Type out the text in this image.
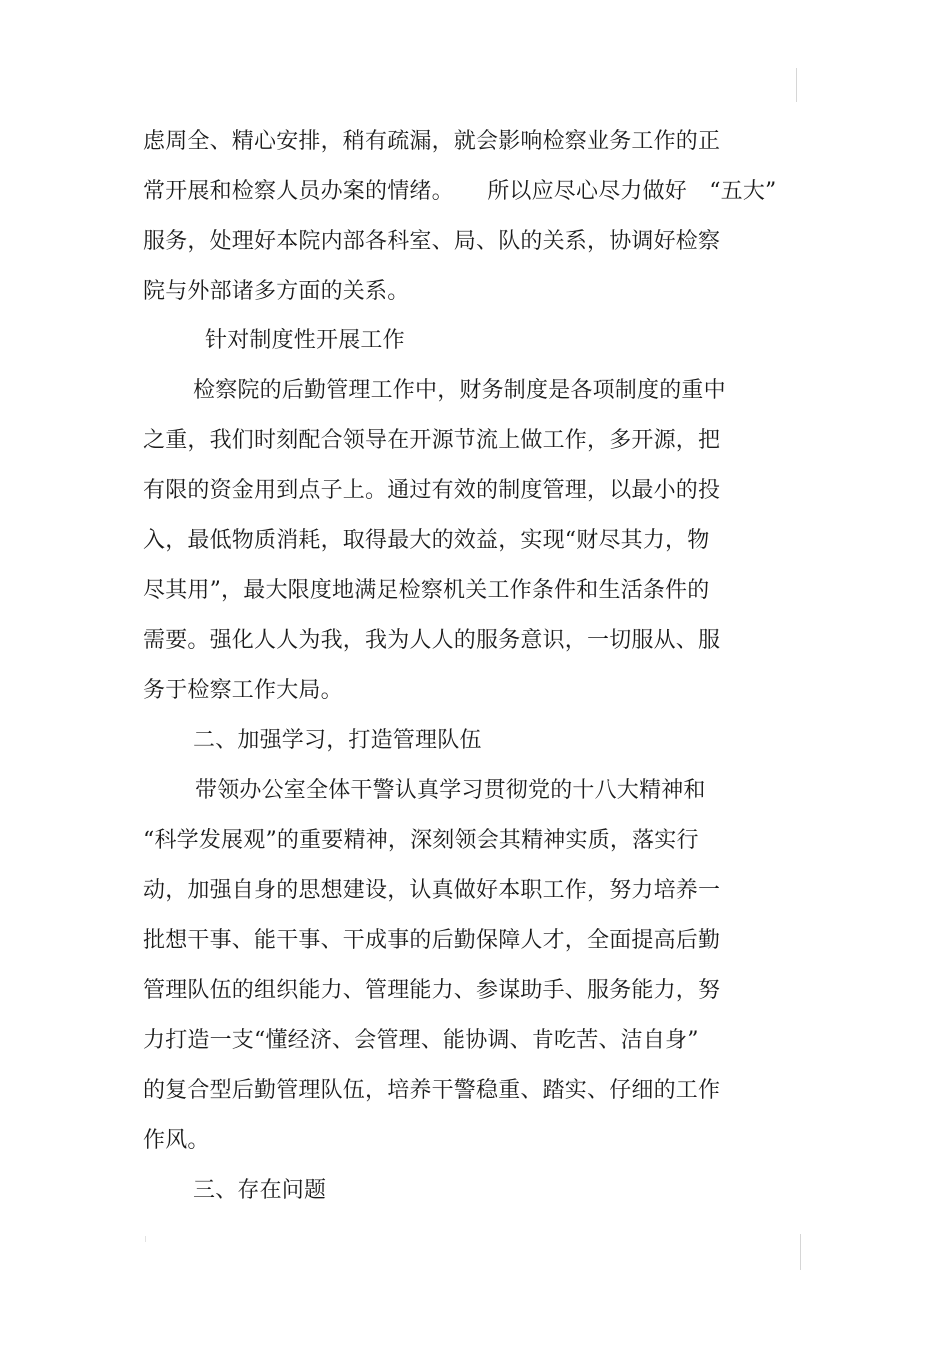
虑周全、精心安排，稍有疏漏，就会影响检察业务工作的正

常开展和检察人员办案的情绪。　　所以应尽心尽力做好　“五大”

服务，处理好本院内部各科室、局、队的关系，协调好检察

院与外部诸多方面的关系。

针对制度性开展工作

检察院的后勤管理工作中，财务制度是各项制度的重中

之重，我们时刻配合领导在开源节流上做工作，多开源，把

有限的资金用到点子上。通过有效的制度管理，以最小的投

入，最低物质消耗，取得最大的效益，实现“财尽其力，物

尽其用”，最大限度地满足检察机关工作条件和生活条件的

需要。强化人人为我，我为人人的服务意识，一切服从、服

务于检察工作大局。

二、加强学习，打造管理队伍

带领办公室全体干警认真学习贯彻党的十八大精神和

“科学发展观”的重要精神，深刻领会其精神实质，落实行

动，加强自身的思想建设，认真做好本职工作，努力培养一

批想干事、能干事、干成事的后勤保障人才，全面提高后勤

管理队伍的组织能力、管理能力、参谋助手、服务能力，努

力打造一支“懂经济、会管理、能协调、肯吃苦、洁自身”

的复合型后勤管理队伍，培养干警稳重、踏实、仔细的工作

作风。

三、存在问题
